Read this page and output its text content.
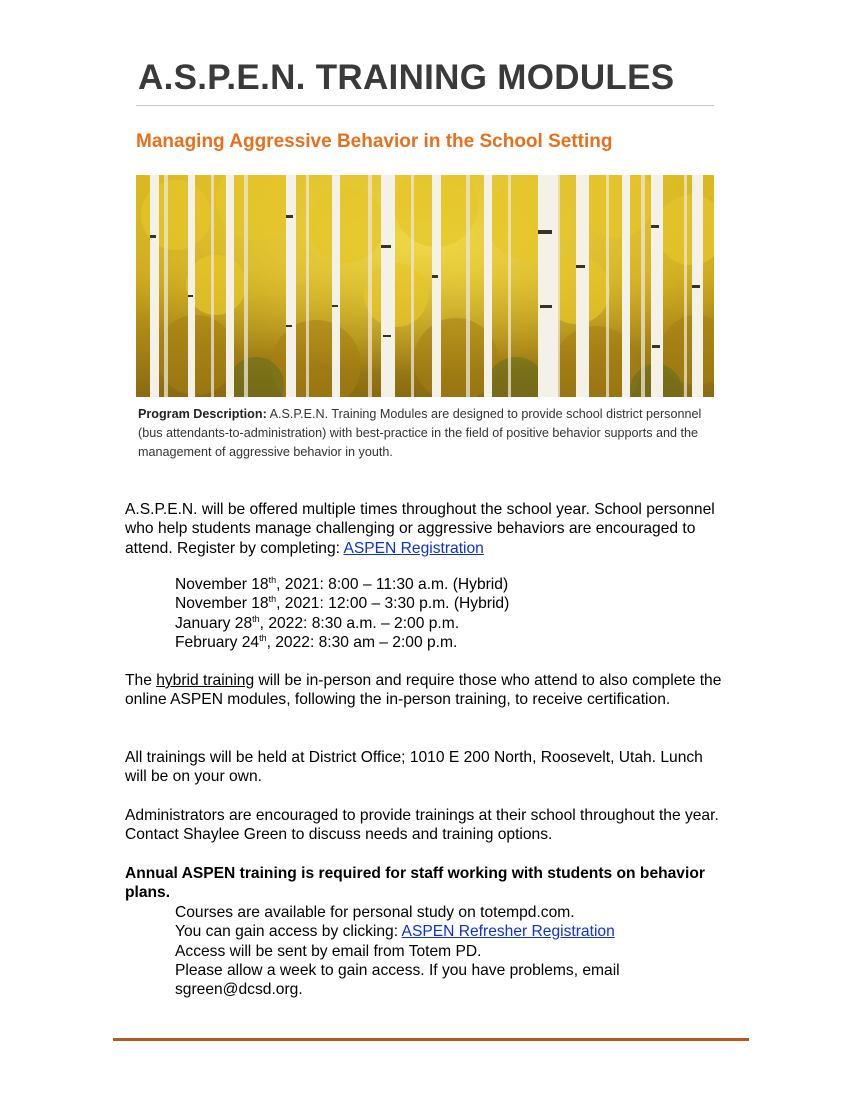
A.S.P.E.N. TRAINING MODULES
Managing Aggressive Behavior in the School Setting
Program Description: A.S.P.E.N. Training Modules are designed to provide school district personnel (bus attendants-to-administration) with best-practice in the field of positive behavior supports and the management of aggressive behavior in youth.

A.S.P.E.N. will be offered multiple times throughout the school year. School personnel who help students manage challenging or aggressive behaviors are encouraged to attend. Register by completing: ASPEN Registration

November 18th, 2021: 8:00 – 11:30 a.m. (Hybrid)

November 18th, 2021: 12:00 – 3:30 p.m. (Hybrid)

January 28th, 2022: 8:30 a.m. – 2:00 p.m.

February 24th, 2022: 8:30 am – 2:00 p.m.

The hybrid training will be in-person and require those who attend to also complete the online ASPEN modules, following the in-person training, to receive certification.

All trainings will be held at District Office; 1010 E 200 North, Roosevelt, Utah. Lunch will be on your own.

Administrators are encouraged to provide trainings at their school throughout the year. Contact Shaylee Green to discuss needs and training options.

Annual ASPEN training is required for staff working with students on behavior plans.

Courses are available for personal study on totempd.com.

You can gain access by clicking: ASPEN Refresher Registration

Access will be sent by email from Totem PD.

Please allow a week to gain access. If you have problems, email sgreen@dcsd.org.
